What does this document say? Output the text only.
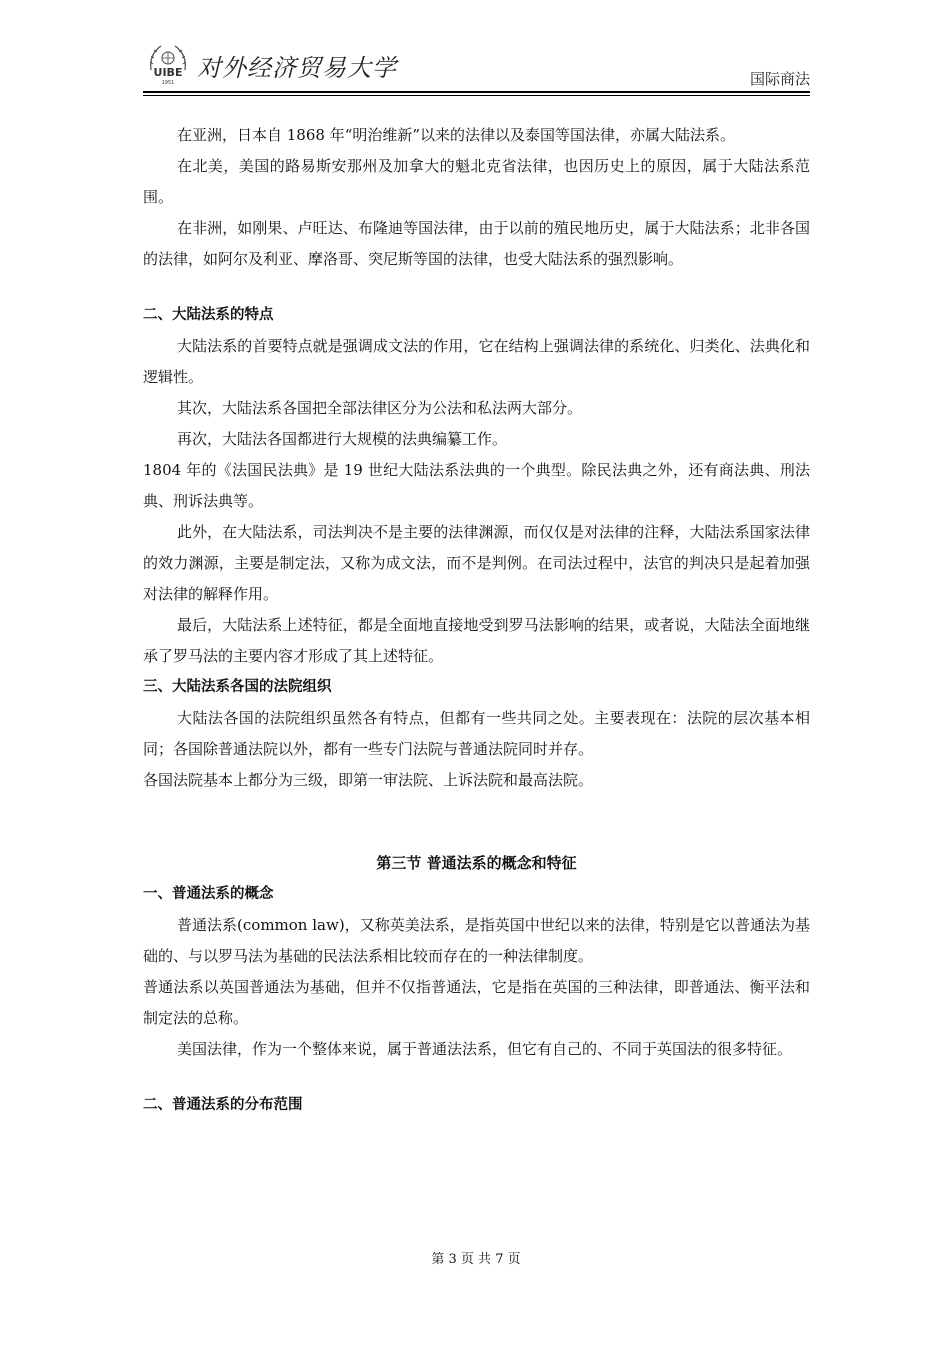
UIBE
1951
对外经济贸易大学	国际商法

在亚洲，日本自 1868 年“明治维新”以来的法律以及泰国等国法律，亦属大陆法系。

在北美，美国的路易斯安那州及加拿大的魁北克省法律，也因历史上的原因，属于大陆法系范围。

在非洲，如刚果、卢旺达、布隆迪等国法律，由于以前的殖民地历史，属于大陆法系；北非各国的法律，如阿尔及利亚、摩洛哥、突尼斯等国的法律，也受大陆法系的强烈影响。

二、大陆法系的特点

大陆法系的首要特点就是强调成文法的作用，它在结构上强调法律的系统化、归类化、法典化和逻辑性。

其次，大陆法系各国把全部法律区分为公法和私法两大部分。

再次，大陆法各国都进行大规模的法典编纂工作。

1804 年的《法国民法典》是 19 世纪大陆法系法典的一个典型。除民法典之外，还有商法典、刑法典、刑诉法典等。

此外，在大陆法系，司法判决不是主要的法律渊源，而仅仅是对法律的注释，大陆法系国家法律的效力渊源，主要是制定法，又称为成文法，而不是判例。在司法过程中，法官的判决只是起着加强对法律的解释作用。

最后，大陆法系上述特征，都是全面地直接地受到罗马法影响的结果，或者说，大陆法全面地继承了罗马法的主要内容才形成了其上述特征。

三、大陆法系各国的法院组织

大陆法各国的法院组织虽然各有特点，但都有一些共同之处。主要表现在：法院的层次基本相同；各国除普通法院以外，都有一些专门法院与普通法院同时并存。

各国法院基本上都分为三级，即第一审法院、上诉法院和最高法院。

第三节 普通法系的概念和特征

一、普通法系的概念

普通法系(common law)，又称英美法系，是指英国中世纪以来的法律，特别是它以普通法为基础的、与以罗马法为基础的民法法系相比较而存在的一种法律制度。

普通法系以英国普通法为基础，但并不仅指普通法，它是指在英国的三种法律，即普通法、衡平法和制定法的总称。

美国法律，作为一个整体来说，属于普通法法系，但它有自己的、不同于英国法的很多特征。

二、普通法系的分布范围

第 3 页 共 7 页
